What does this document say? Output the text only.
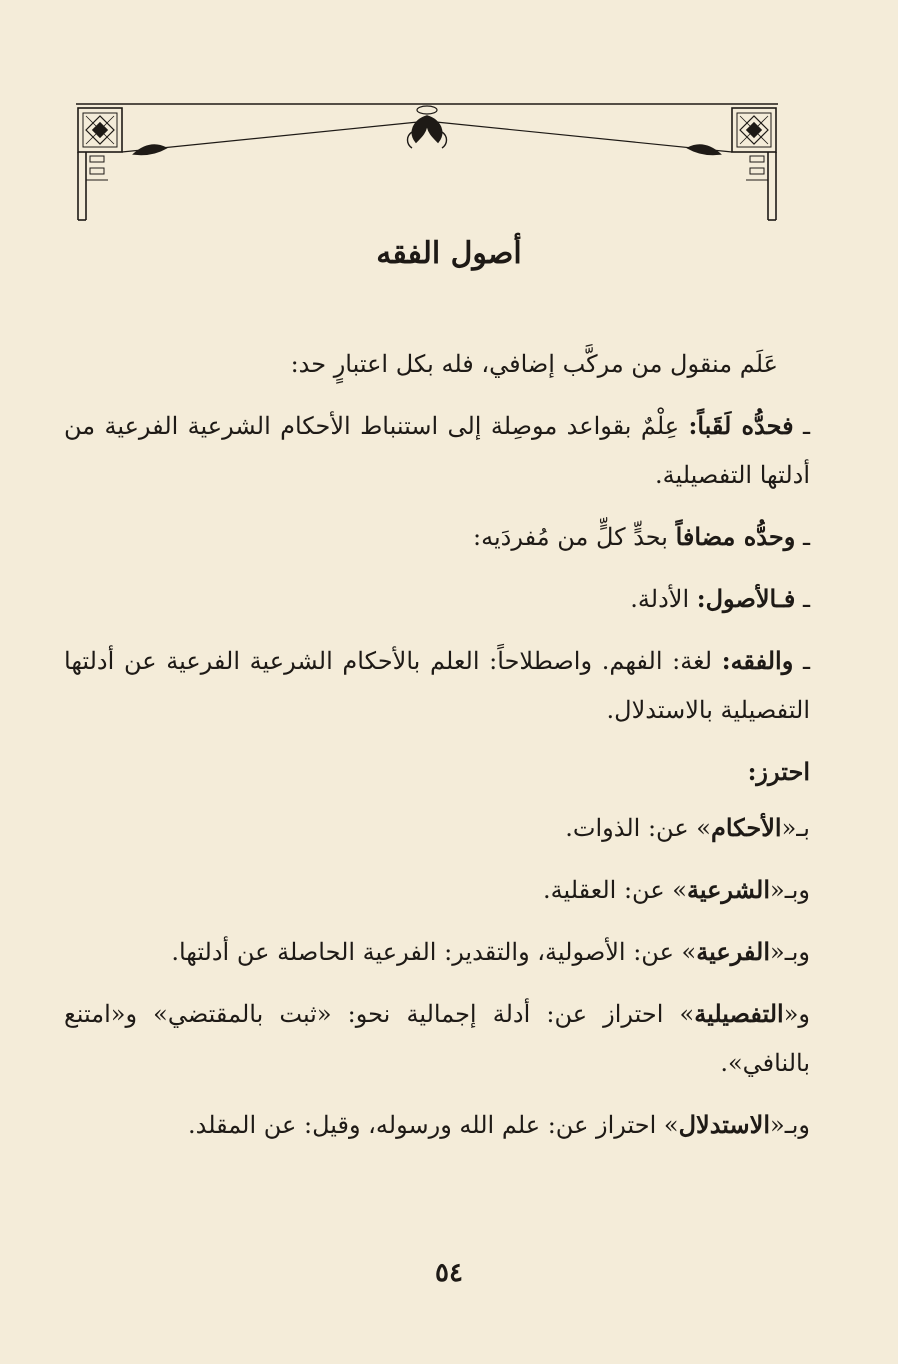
أصول الفقه

عَلَم منقول من مركَّب إضافي، فله بكل اعتبارٍ حد:

ـ فحدُّه لَقَباً: عِلْمٌ بقواعد موصِلة إلى استنباط الأحكام الشرعية الفرعية من أدلتها التفصيلية.

ـ وحدُّه مضافاً بحدٍّ كلٍّ من مُفردَيه:

ـ فـالأصول: الأدلة.

ـ والفقه: لغة: الفهم. واصطلاحاً: العلم بالأحكام الشرعية الفرعية عن أدلتها التفصيلية بالاستدلال.

احترز:

بـ«الأحكام» عن: الذوات.

وبـ«الشرعية» عن: العقلية.

وبـ«الفرعية» عن: الأصولية، والتقدير: الفرعية الحاصلة عن أدلتها.

و«التفصيلية» احتراز عن: أدلة إجمالية نحو: «ثبت بالمقتضي» و«امتنع بالنافي».

وبـ«الاستدلال» احتراز عن: علم الله ورسوله، وقيل: عن المقلد.

٥٤
